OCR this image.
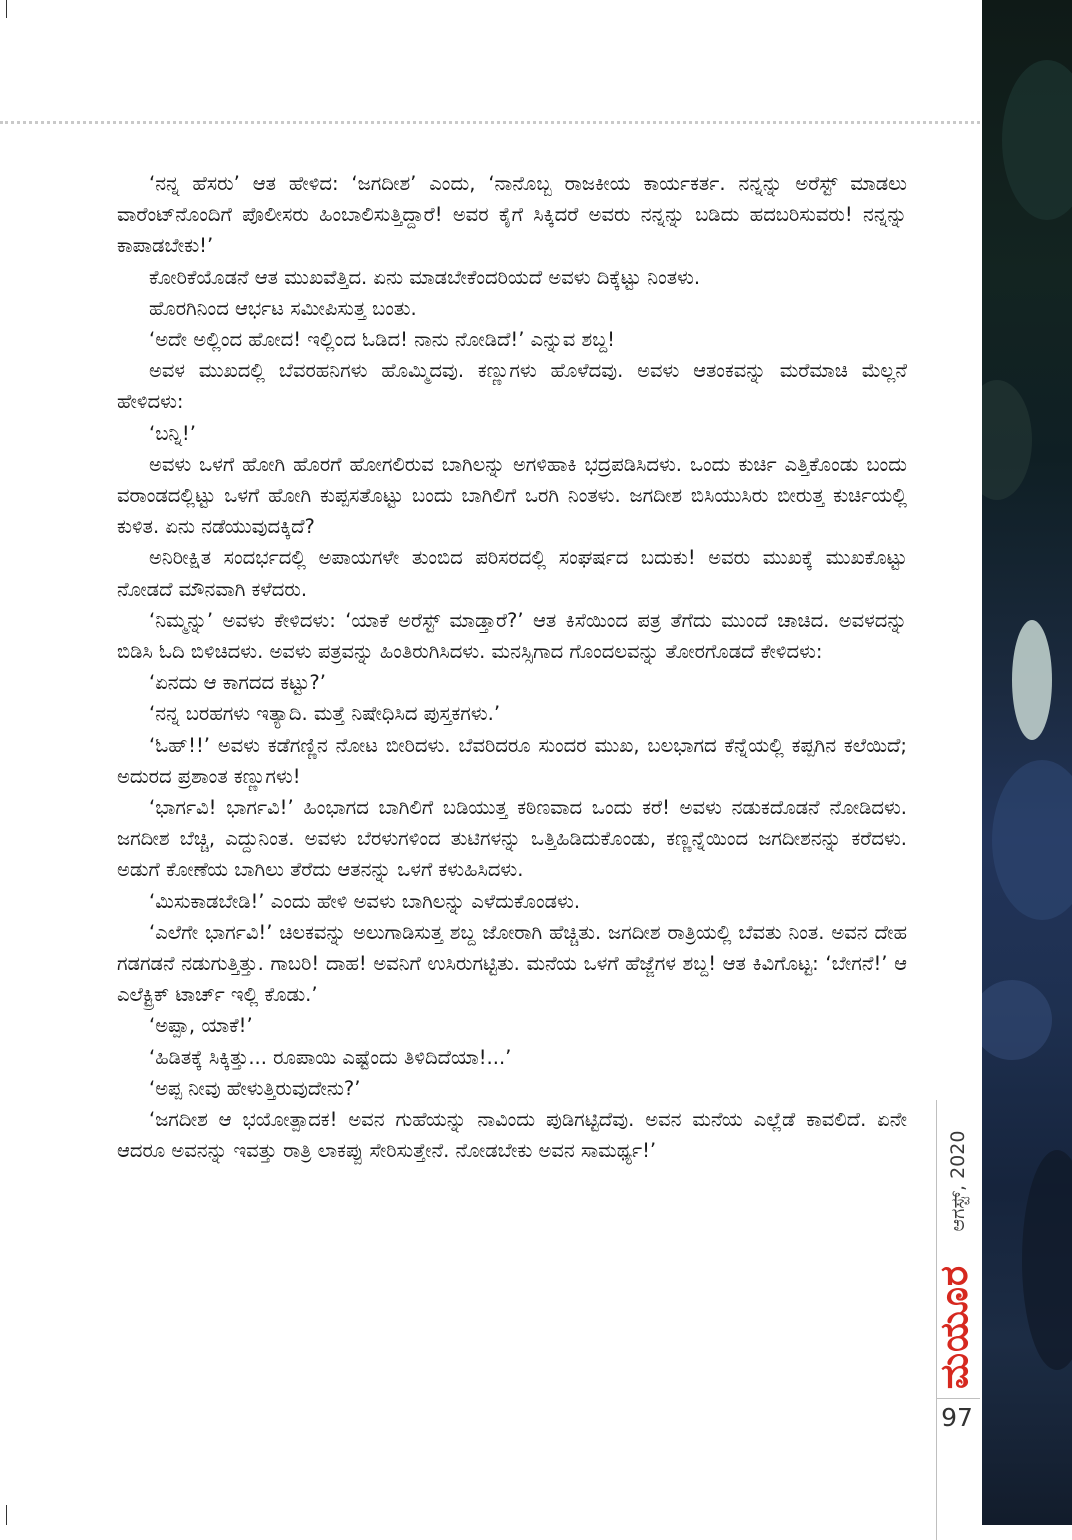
‘ನನ್ನ ಹೆಸರು’ ಆತ ಹೇಳಿದ: ‘ಜಗದೀಶ’ ಎಂದು, ‘ನಾನೊಬ್ಬ ರಾಜಕೀಯ ಕಾರ್ಯಕರ್ತ. ನನ್ನನ್ನು ಅರೆಸ್ಟ್ ಮಾಡಲು ವಾರೆಂಟ್‌ನೊಂದಿಗೆ ಪೊಲೀಸರು ಹಿಂಬಾಲಿಸುತ್ತಿದ್ದಾರೆ! ಅವರ ಕೈಗೆ ಸಿಕ್ಕಿದರೆ ಅವರು ನನ್ನನ್ನು ಬಡಿದು ಹದಬರಿಸುವರು! ನನ್ನನ್ನು ಕಾಪಾಡಬೇಕು!’

ಕೋರಿಕೆಯೊಡನೆ ಆತ ಮುಖವೆತ್ತಿದ. ಏನು ಮಾಡಬೇಕೆಂದರಿಯದೆ ಅವಳು ದಿಕ್ಕೆಟ್ಟು ನಿಂತಳು.

ಹೊರಗಿನಿಂದ ಆರ್ಭಟ ಸಮೀಪಿಸುತ್ತ ಬಂತು.

‘ಅದೇ ಅಲ್ಲಿಂದ ಹೋದ! ಇಲ್ಲಿಂದ ಓಡಿದ! ನಾನು ನೋಡಿದೆ!’ ಎನ್ನುವ ಶಬ್ದ!

ಅವಳ ಮುಖದಲ್ಲಿ ಬೆವರಹನಿಗಳು ಹೊಮ್ಮಿದವು. ಕಣ್ಣುಗಳು ಹೊಳೆದವು. ಅವಳು ಆತಂಕವನ್ನು ಮರೆಮಾಚಿ ಮೆಲ್ಲನೆ ಹೇಳಿದಳು:

‘ಬನ್ನಿ!’

ಅವಳು ಒಳಗೆ ಹೋಗಿ ಹೊರಗೆ ಹೋಗಲಿರುವ ಬಾಗಿಲನ್ನು ಅಗಳಿಹಾಕಿ ಭದ್ರಪಡಿಸಿದಳು. ಒಂದು ಕುರ್ಚಿ ಎತ್ತಿಕೊಂಡು ಬಂದು ವರಾಂಡದಲ್ಲಿಟ್ಟು ಒಳಗೆ ಹೋಗಿ ಕುಪ್ಪಸತೊಟ್ಟು ಬಂದು ಬಾಗಿಲಿಗೆ ಒರಗಿ ನಿಂತಳು. ಜಗದೀಶ ಬಿಸಿಯುಸಿರು ಬೀರುತ್ತ ಕುರ್ಚಿಯಲ್ಲಿ ಕುಳಿತ. ಏನು ನಡೆಯುವುದಕ್ಕಿದೆ?

ಅನಿರೀಕ್ಷಿತ ಸಂದರ್ಭದಲ್ಲಿ ಅಪಾಯಗಳೇ ತುಂಬಿದ ಪರಿಸರದಲ್ಲಿ ಸಂಘರ್ಷದ ಬದುಕು! ಅವರು ಮುಖಕ್ಕೆ ಮುಖಕೊಟ್ಟು ನೋಡದೆ ಮೌನವಾಗಿ ಕಳೆದರು.

‘ನಿಮ್ಮನ್ನು’ ಅವಳು ಕೇಳಿದಳು: ‘ಯಾಕೆ ಅರೆಸ್ಟ್ ಮಾಡ್ತಾರೆ?’ ಆತ ಕಿಸೆಯಿಂದ ಪತ್ರ ತೆಗೆದು ಮುಂದೆ ಚಾಚಿದ. ಅವಳದನ್ನು ಬಿಡಿಸಿ ಓದಿ ಬಿಳಿಚಿದಳು. ಅವಳು ಪತ್ರವನ್ನು ಹಿಂತಿರುಗಿಸಿದಳು. ಮನಸ್ಸಿಗಾದ ಗೊಂದಲವನ್ನು ತೋರಗೊಡದೆ ಕೇಳಿದಳು:

‘ಏನದು ಆ ಕಾಗದದ ಕಟ್ಟು?’

‘ನನ್ನ ಬರಹಗಳು ಇತ್ಯಾದಿ. ಮತ್ತೆ ನಿಷೇಧಿಸಿದ ಪುಸ್ತಕಗಳು.’

‘ಓಹ್!!’ ಅವಳು ಕಡೆಗಣ್ಣಿನ ನೋಟ ಬೀರಿದಳು. ಬೆವರಿದರೂ ಸುಂದರ ಮುಖ, ಬಲಭಾಗದ ಕೆನ್ನೆಯಲ್ಲಿ ಕಪ್ಪಗಿನ ಕಲೆಯಿದೆ; ಅದುರದ ಪ್ರಶಾಂತ ಕಣ್ಣುಗಳು!

‘ಭಾರ್ಗವಿ! ಭಾರ್ಗವಿ!’ ಹಿಂಭಾಗದ ಬಾಗಿಲಿಗೆ ಬಡಿಯುತ್ತ ಕಠಿಣವಾದ ಒಂದು ಕರೆ! ಅವಳು ನಡುಕದೊಡನೆ ನೋಡಿದಳು. ಜಗದೀಶ ಬೆಚ್ಚಿ, ಎದ್ದುನಿಂತ. ಅವಳು ಬೆರಳುಗಳಿಂದ ತುಟಿಗಳನ್ನು ಒತ್ತಿಹಿಡಿದುಕೊಂಡು, ಕಣ್ಣನ್ನೆಯಿಂದ ಜಗದೀಶನನ್ನು ಕರೆದಳು. ಅಡುಗೆ ಕೋಣೆಯ ಬಾಗಿಲು ತೆರೆದು ಆತನನ್ನು ಒಳಗೆ ಕಳುಹಿಸಿದಳು.

‘ಮಿಸುಕಾಡಬೇಡಿ!’ ಎಂದು ಹೇಳಿ ಅವಳು ಬಾಗಿಲನ್ನು ಎಳೆದುಕೊಂಡಳು.

‘ಎಲೆಗೇ ಭಾರ್ಗವಿ!’ ಚಿಲಕವನ್ನು ಅಲುಗಾಡಿಸುತ್ತ ಶಬ್ದ ಜೋರಾಗಿ ಹೆಚ್ಚಿತು. ಜಗದೀಶ ರಾತ್ರಿಯಲ್ಲಿ ಬೆವತು ನಿಂತ. ಅವನ ದೇಹ ಗಡಗಡನೆ ನಡುಗುತ್ತಿತ್ತು. ಗಾಬರಿ! ದಾಹ! ಅವನಿಗೆ ಉಸಿರುಗಟ್ಟಿತು. ಮನೆಯ ಒಳಗೆ ಹೆಜ್ಜೆಗಳ ಶಬ್ದ! ಆತ ಕಿವಿಗೊಟ್ಟ: ‘ಬೇಗನೆ!’ ಆ ಎಲೆಕ್ಟ್ರಿಕ್ ಟಾರ್ಚ್ ಇಲ್ಲಿ ಕೊಡು.’

‘ಅಪ್ಪಾ, ಯಾಕೆ!’

‘ಹಿಡಿತಕ್ಕೆ ಸಿಕ್ಕಿತ್ತು... ರೂಪಾಯಿ ಎಷ್ಟೆಂದು ತಿಳಿದಿದೆಯಾ!...’

‘ಅಪ್ಪ ನೀವು ಹೇಳುತ್ತಿರುವುದೇನು?’

‘ಜಗದೀಶ ಆ ಭಯೋತ್ಪಾದಕ! ಅವನ ಗುಹೆಯನ್ನು ನಾವಿಂದು ಪುಡಿಗಟ್ಟಿದೆವು. ಅವನ ಮನೆಯ ಎಲ್ಲೆಡೆ ಕಾವಲಿದೆ. ಏನೇ ಆದರೂ ಅವನನ್ನು ಇವತ್ತು ರಾತ್ರಿ ಲಾಕಪ್ಪು ಸೇರಿಸುತ್ತೇನೆ. ನೋಡಬೇಕು ಅವನ ಸಾಮರ್ಥ್ಯ!’	ಆಗಸ್ಟ್, 2020
ಮಯೂರ
97
